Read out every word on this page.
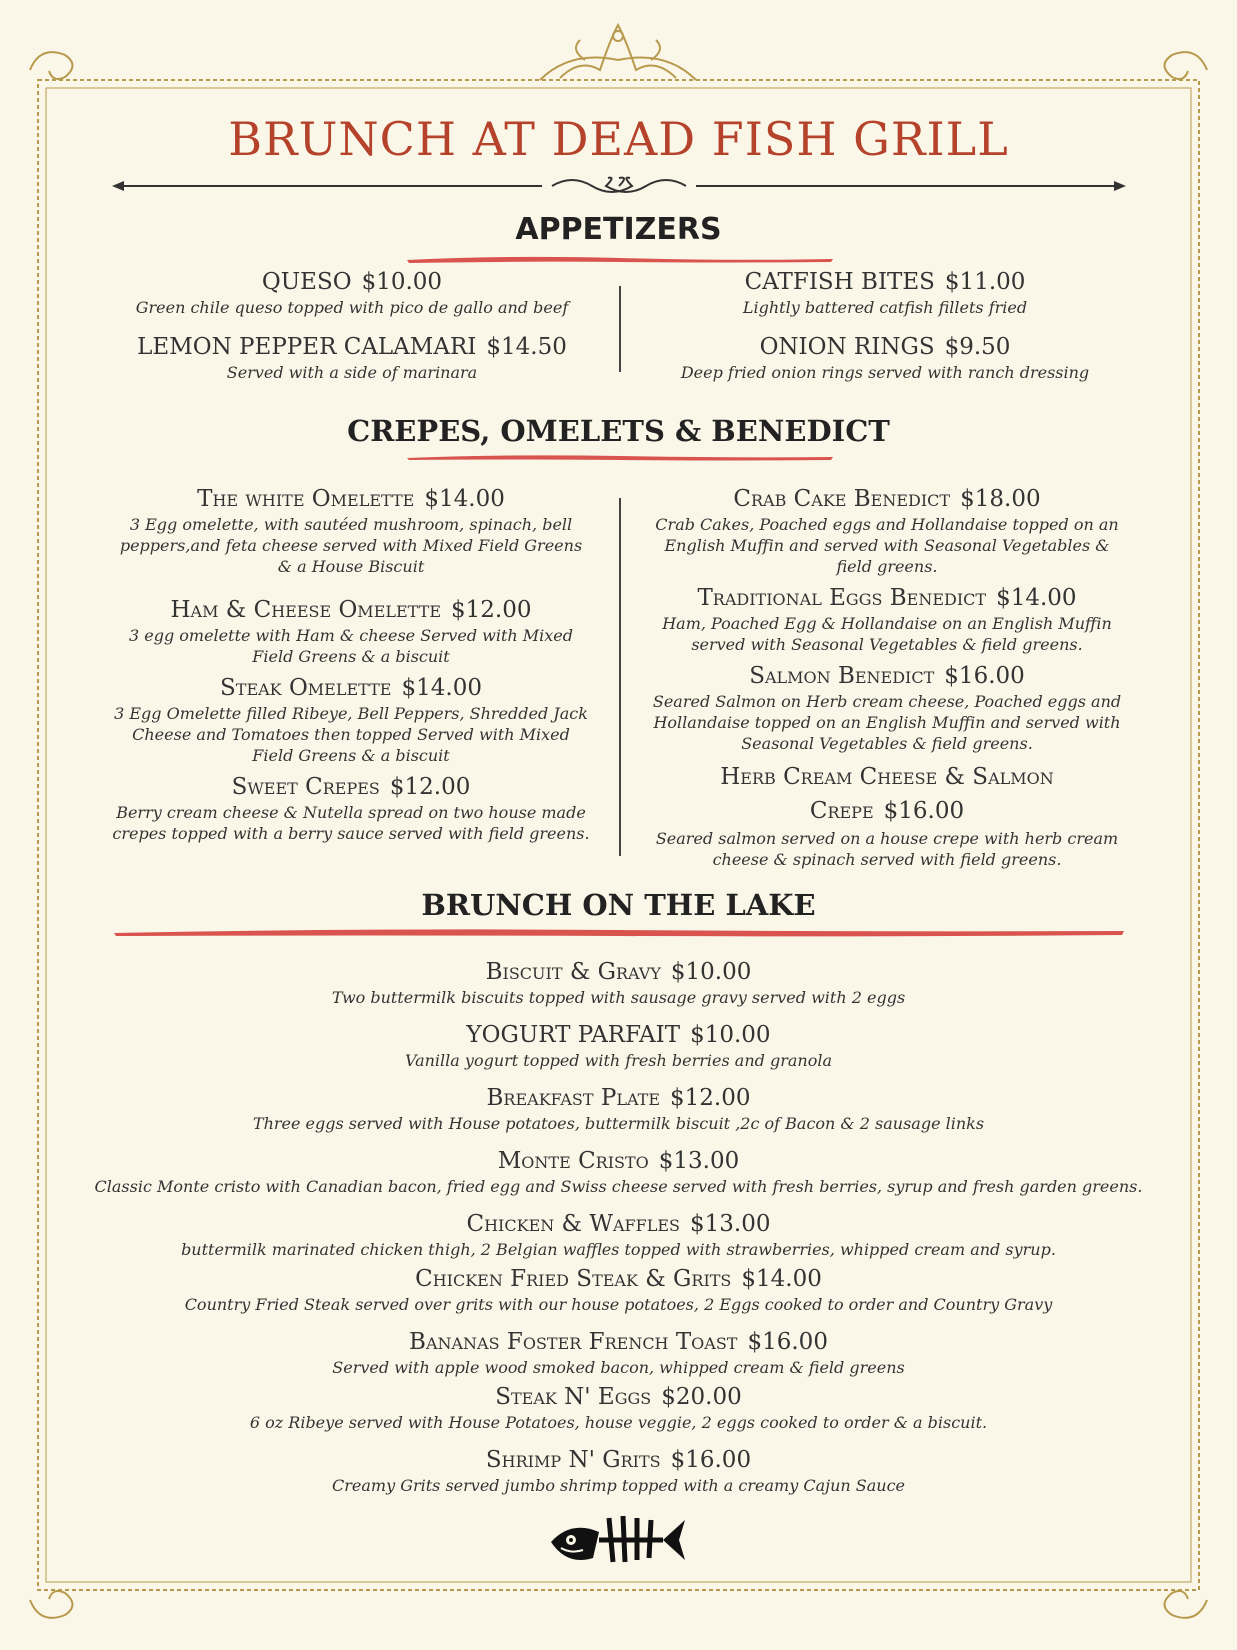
BRUNCH AT DEAD FISH GRILL
APPETIZERS
QUESO $10.00
Green chile queso topped with pico de gallo and beef
LEMON PEPPER CALAMARI $14.50
Served with a side of marinara
CATFISH BITES $11.00
Lightly battered catfish fillets fried
ONION RINGS $9.50
Deep fried onion rings served with ranch dressing
CREPES, OMELETS & BENEDICT
The white Omelette $14.00
3 Egg omelette, with sautéed mushroom, spinach, bell peppers,and feta cheese served with Mixed Field Greens & a House Biscuit
Ham & Cheese Omelette $12.00
3 egg omelette with Ham & cheese Served with Mixed Field Greens & a biscuit
Steak Omelette $14.00
3 Egg Omelette filled Ribeye, Bell Peppers, Shredded Jack Cheese and Tomatoes then topped Served with Mixed Field Greens & a biscuit
Sweet Crepes $12.00
Berry cream cheese & Nutella spread on two house made crepes topped with a berry sauce served with field greens.
Crab Cake Benedict $18.00
Crab Cakes, Poached eggs and Hollandaise topped on an English Muffin and served with Seasonal Vegetables & field greens.
Traditional Eggs Benedict $14.00
Ham, Poached Egg & Hollandaise on an English Muffin served with Seasonal Vegetables & field greens.
Salmon Benedict $16.00
Seared Salmon on Herb cream cheese, Poached eggs and Hollandaise topped on an English Muffin and served with Seasonal Vegetables & field greens.
Herb Cream Cheese & Salmon Crepe $16.00
Seared salmon served on a house crepe with herb cream cheese & spinach served with field greens.
BRUNCH ON THE LAKE
Biscuit & Gravy $10.00
Two buttermilk biscuits topped with sausage gravy served with 2 eggs
YOGURT PARFAIT $10.00
Vanilla yogurt topped with fresh berries and granola
Breakfast Plate $12.00
Three eggs served with House potatoes, buttermilk biscuit ,2c of Bacon & 2 sausage links
Monte Cristo $13.00
Classic Monte cristo with Canadian bacon, fried egg and Swiss cheese served with fresh berries, syrup and fresh garden greens.
Chicken & Waffles $13.00
buttermilk marinated chicken thigh, 2 Belgian waffles topped with strawberries, whipped cream and syrup.
Chicken Fried Steak & Grits $14.00
Country Fried Steak served over grits with our house potatoes, 2 Eggs cooked to order and Country Gravy
Bananas Foster French Toast $16.00
Served with apple wood smoked bacon, whipped cream & field greens
Steak N' Eggs $20.00
6 oz Ribeye served with House Potatoes, house veggie, 2 eggs cooked to order & a biscuit.
Shrimp N' Grits $16.00
Creamy Grits served jumbo shrimp topped with a creamy Cajun Sauce
